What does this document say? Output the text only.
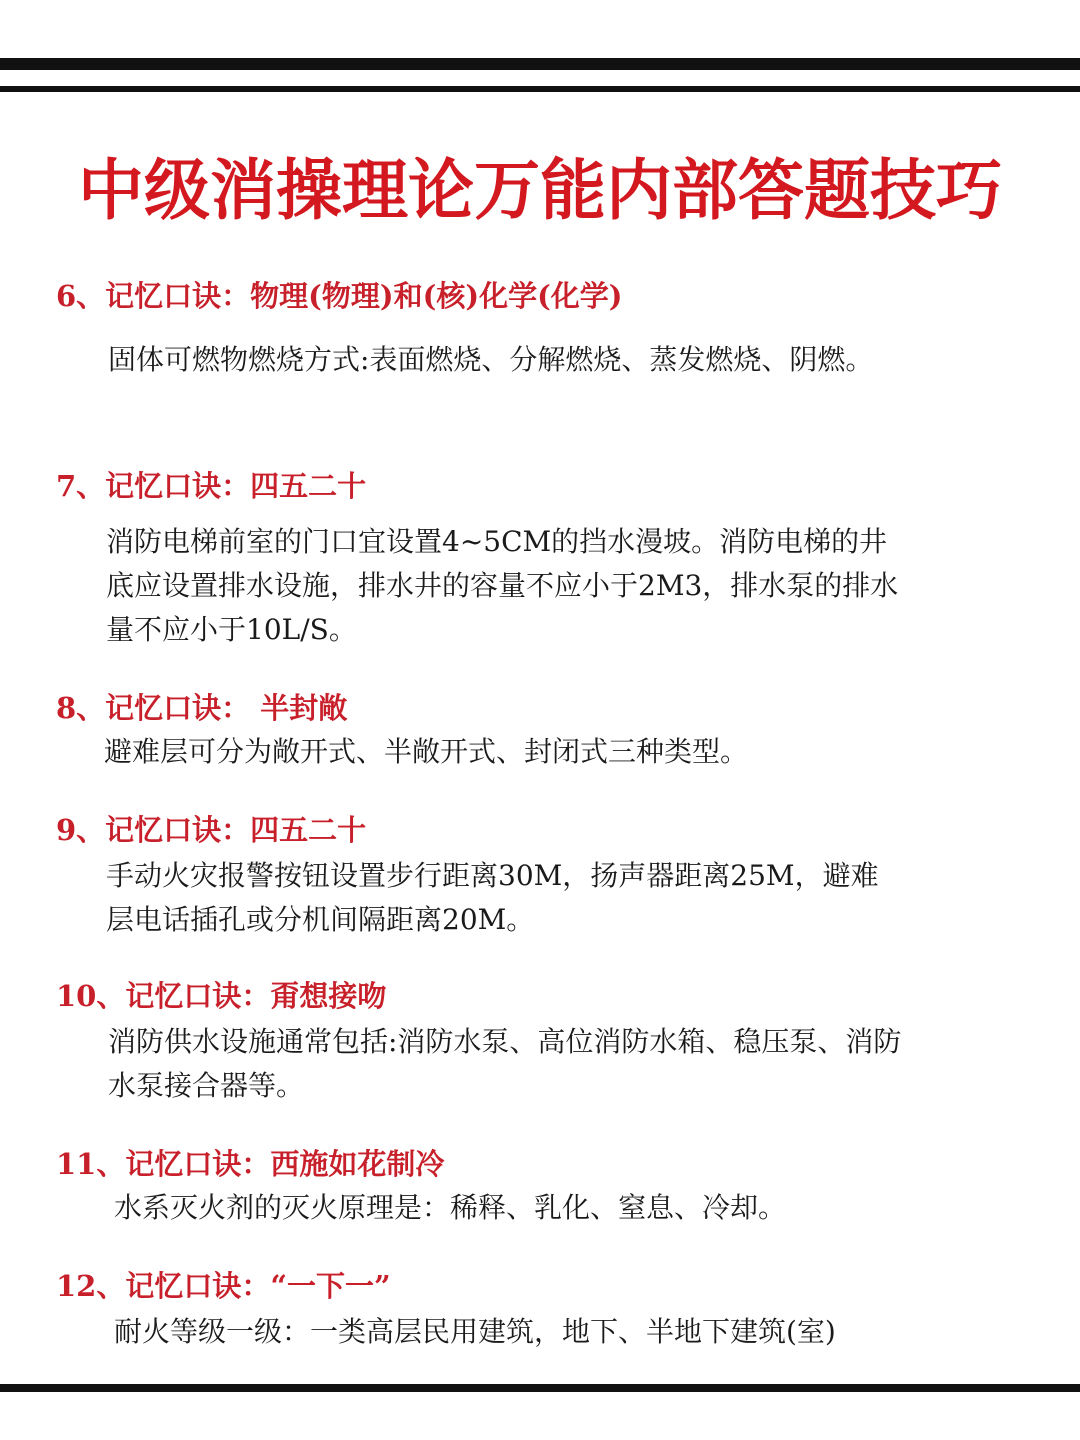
中级消操理论万能内部答题技巧
6、记忆口诀：物理(物理)和(核)化学(化学)
固体可燃物燃烧方式:表面燃烧、分解燃烧、蒸发燃烧、阴燃。
7、记忆口诀：四五二十
消防电梯前室的门口宜设置4~5CM的挡水漫坡。消防电梯的井底应设置排水设施，排水井的容量不应小于2M3，排水泵的排水量不应小于10L/S。
8、记忆口诀： 半封敞
避难层可分为敞开式、半敞开式、封闭式三种类型。
9、记忆口诀：四五二十
手动火灾报警按钮设置步行距离30M，扬声器距离25M，避难层电话插孔或分机间隔距离20M。
10、记忆口诀：甭想接吻
消防供水设施通常包括:消防水泵、高位消防水箱、稳压泵、消防水泵接合器等。
11、记忆口诀：西施如花制冷
水系灭火剂的灭火原理是：稀释、乳化、窒息、冷却。
12、记忆口诀：“一下一”
耐火等级一级：一类高层民用建筑，地下、半地下建筑(室)
